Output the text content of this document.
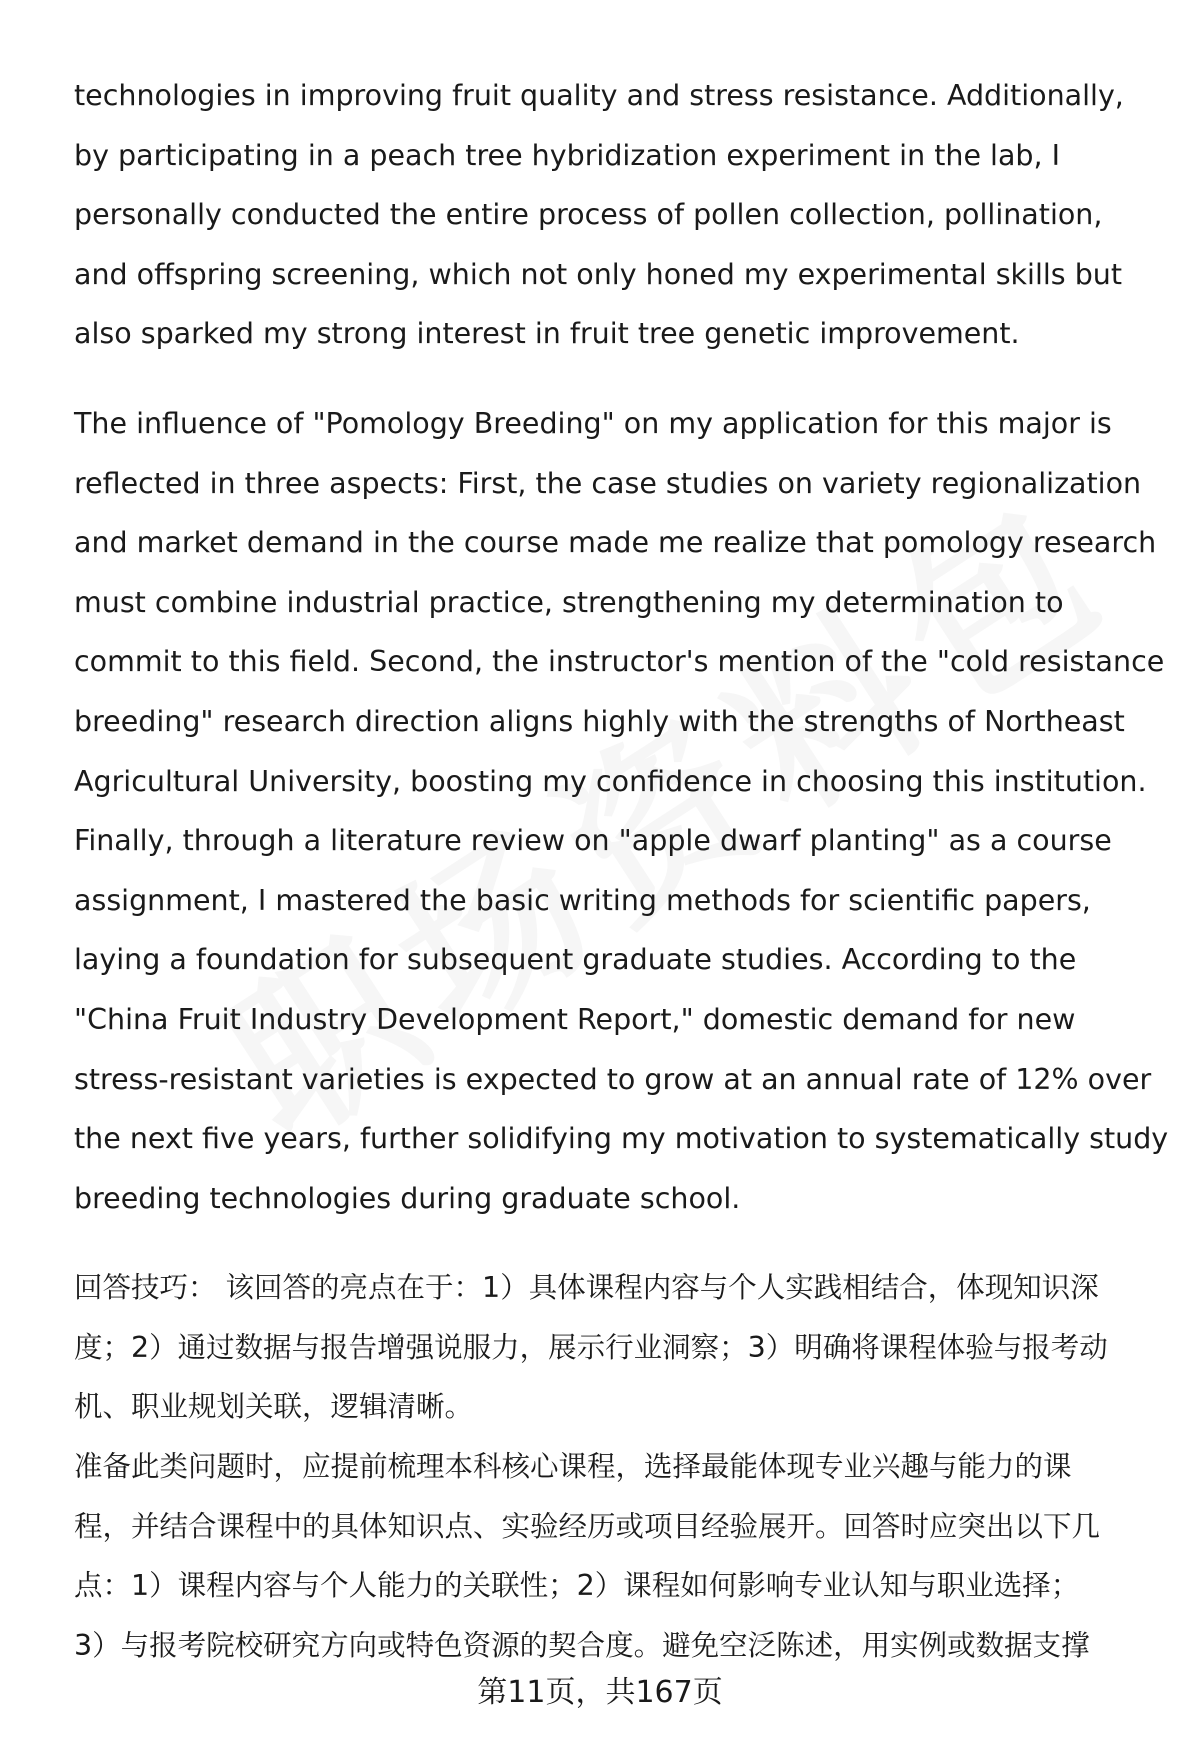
technologies in improving fruit quality and stress resistance. Additionally,
by participating in a peach tree hybridization experiment in the lab, I
personally conducted the entire process of pollen collection, pollination,
and offspring screening, which not only honed my experimental skills but
also sparked my strong interest in fruit tree genetic improvement.

The influence of "Pomology Breeding" on my application for this major is
reflected in three aspects: First, the case studies on variety regionalization
and market demand in the course made me realize that pomology research
must combine industrial practice, strengthening my determination to
commit to this field. Second, the instructor's mention of the "cold resistance
breeding" research direction aligns highly with the strengths of Northeast
Agricultural University, boosting my confidence in choosing this institution.
Finally, through a literature review on "apple dwarf planting" as a course
assignment, I mastered the basic writing methods for scientific papers,
laying a foundation for subsequent graduate studies. According to the
"China Fruit Industry Development Report," domestic demand for new
stress-resistant varieties is expected to grow at an annual rate of 12% over
the next five years, further solidifying my motivation to systematically study
breeding technologies during graduate school.

回答技巧： 该回答的亮点在于：1）具体课程内容与个人实践相结合，体现知识深
度；2）通过数据与报告增强说服力，展示行业洞察；3）明确将课程体验与报考动
机、职业规划关联，逻辑清晰。
准备此类问题时，应提前梳理本科核心课程，选择最能体现专业兴趣与能力的课
程，并结合课程中的具体知识点、实验经历或项目经验展开。回答时应突出以下几
点：1）课程内容与个人能力的关联性；2）课程如何影响专业认知与职业选择；
3）与报考院校研究方向或特色资源的契合度。避免空泛陈述，用实例或数据支撑

第11页，共167页
